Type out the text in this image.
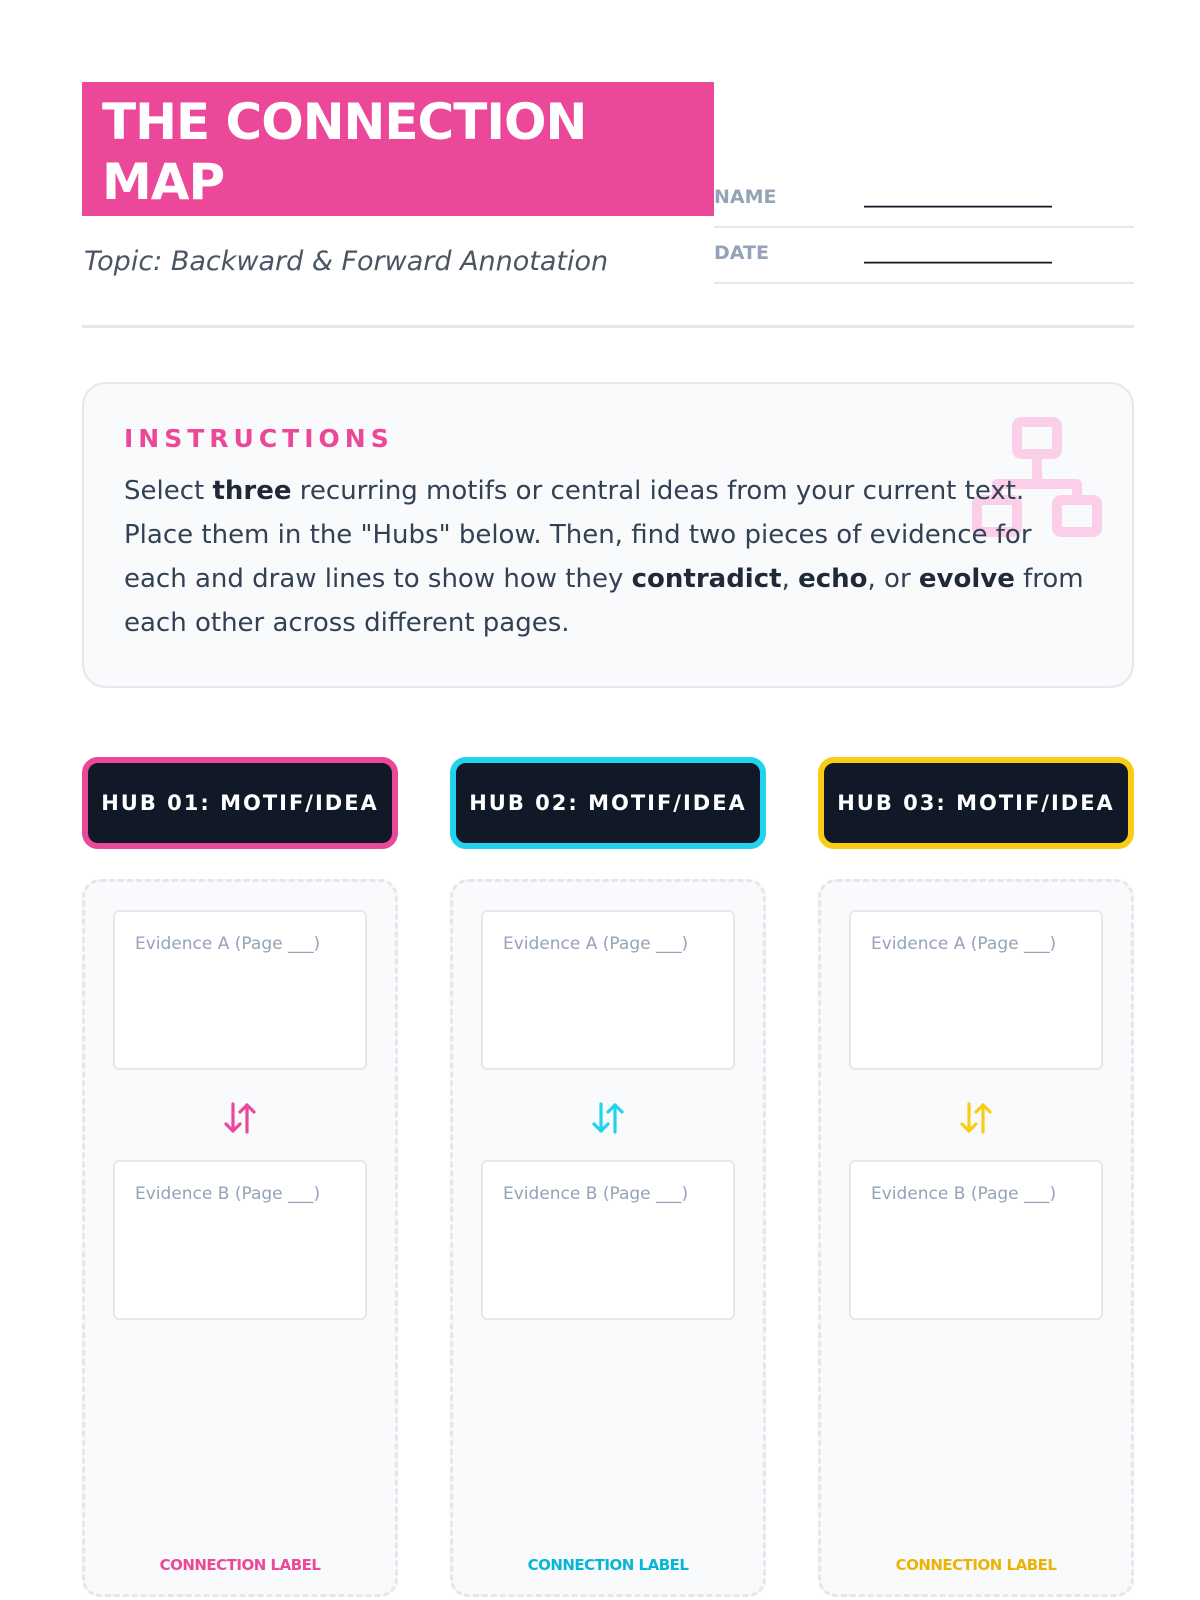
THE CONNECTION
MAP

Topic: Backward & Forward Annotation
NAME	______________________
DATE	______________________

INSTRUCTIONS

Select three recurring motifs or central ideas from your current text. Place them in the "Hubs" below. Then, find two pieces of evidence for each and draw lines to show how they contradict, echo, or evolve from each other across different pages.

HUB 01: MOTIF/IDEA
Evidence A (Page ___)
Evidence B (Page ___)
CONNECTION LABEL
HUB 02: MOTIF/IDEA
Evidence A (Page ___)
Evidence B (Page ___)
CONNECTION LABEL
HUB 03: MOTIF/IDEA
Evidence A (Page ___)
Evidence B (Page ___)
CONNECTION LABEL
